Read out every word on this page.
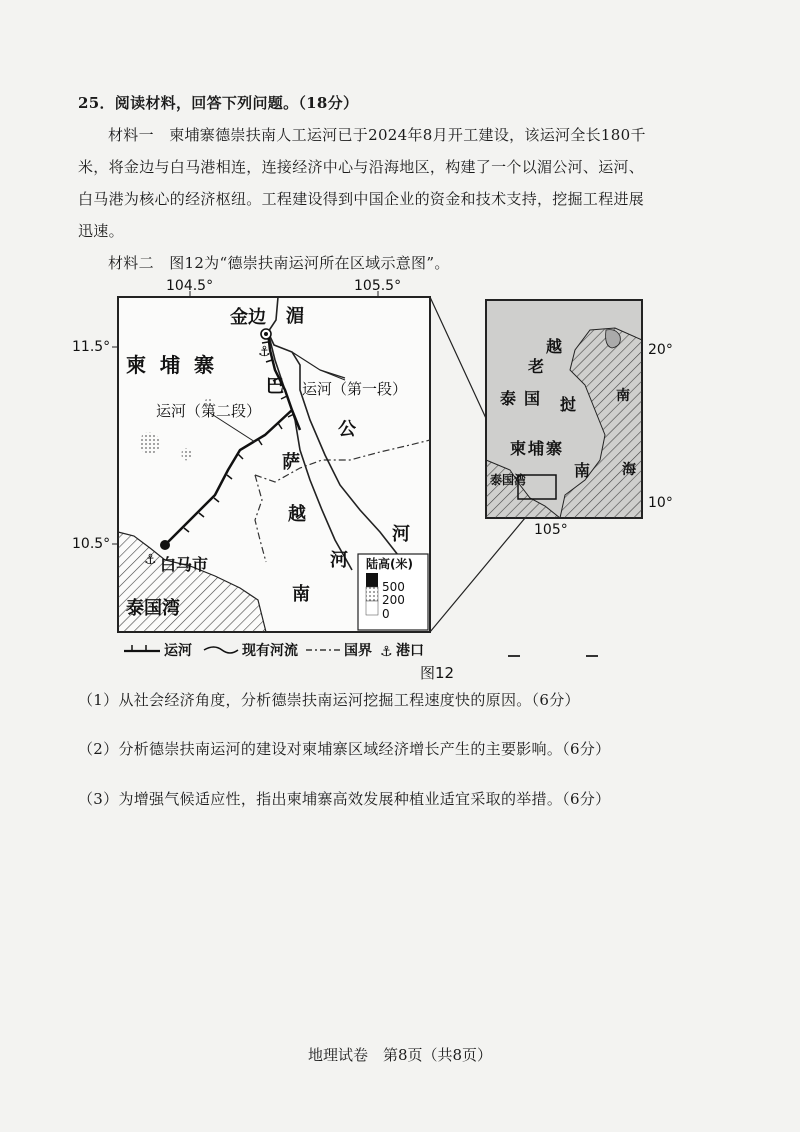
25．阅读材料，回答下列问题。（18分）
材料一　柬埔寨德崇扶南人工运河已于2024年8月开工建设，该运河全长180千
米，将金边与白马港相连，连接经济中心与沿海地区，构建了一个以湄公河、运河、
白马港为核心的经济枢纽。工程建设得到中国企业的资金和技术支持，挖掘工程进展
迅速。
材料二　图12为“德崇扶南运河所在区域示意图”。
⚓
⚓
金边 湄
柬埔寨
巴 运河（第一段）
公
运河（第二段）
萨
河
越
河
南
白马市
泰国湾
陆高(米)
500
200
0
104.5°	105.5°
11.5°
10.5°
越
老
泰国 挝
柬埔寨
南
南
海
泰国湾
20°
10°
105°
运河	现有河流	国界 ⚓ 港口
图12
（1）从社会经济角度，分析德崇扶南运河挖掘工程速度快的原因。（6分）
（2）分析德崇扶南运河的建设对柬埔寨区域经济增长产生的主要影响。（6分）
（3）为增强气候适应性，指出柬埔寨高效发展种植业适宜采取的举措。（6分）
地理试卷　第8页（共8页）
